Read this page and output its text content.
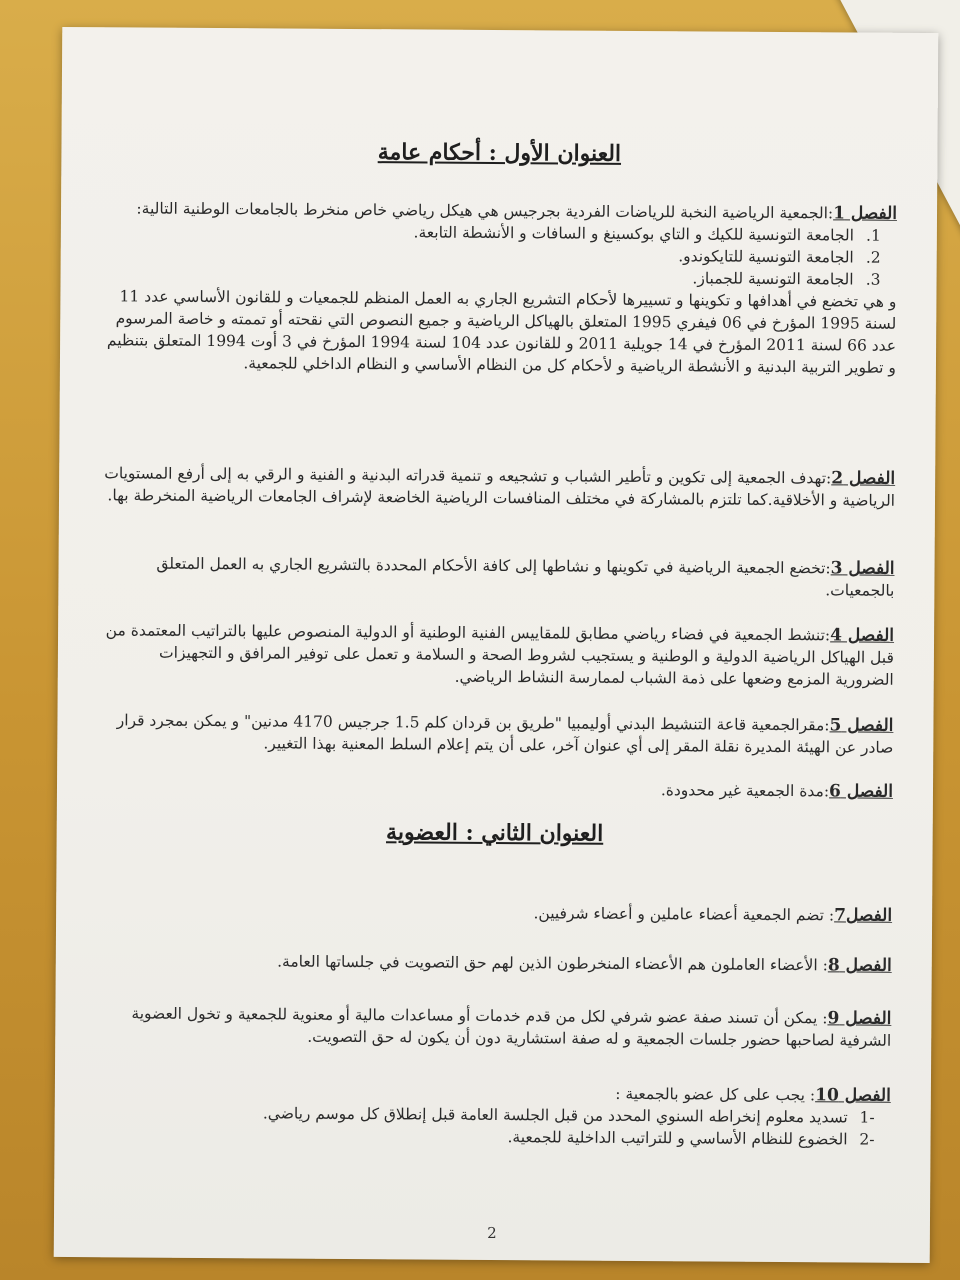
العنوان الأول : أحكام عامة
الفصل 1:الجمعية الرياضية النخبة للرياضات الفردية بجرجيس هي هيكل رياضي خاص منخرط بالجامعات الوطنية التالية:
1. الجامعة التونسية للكيك و التاي بوكسينغ و السافات و الأنشطة التابعة.
2. الجامعة التونسية للتايكوندو.
3. الجامعة التونسية للجمباز.
و هي تخضع في أهدافها و تكوينها و تسييرها لأحكام التشريع الجاري به العمل المنظم للجمعيات و للقانون الأساسي عدد 11 لسنة 1995 المؤرخ في 06 فيفري 1995 المتعلق بالهياكل الرياضية و جميع النصوص التي نقحته أو تممته و خاصة المرسوم عدد 66 لسنة 2011 المؤرخ في 14 جويلية 2011 و للقانون عدد 104 لسنة 1994 المؤرخ في 3 أوت 1994 المتعلق بتنظيم و تطوير التربية البدنية و الأنشطة الرياضية و لأحكام كل من النظام الأساسي و النظام الداخلي للجمعية.
الفصل 2:تهدف الجمعية إلى تكوين و تأطير الشباب و تشجيعه و تنمية قدراته البدنية و الفنية و الرقي به إلى أرفع المستويات الرياضية و الأخلاقية.كما تلتزم بالمشاركة في مختلف المنافسات الرياضية الخاضعة لإشراف الجامعات الرياضية المنخرطة بها.
الفصل 3:تخضع الجمعية الرياضية في تكوينها و نشاطها إلى كافة الأحكام المحددة بالتشريع الجاري به العمل المتعلق بالجمعيات.
الفصل 4:تنشط الجمعية في فضاء رياضي مطابق للمقاييس الفنية الوطنية أو الدولية المنصوص عليها بالتراتيب المعتمدة من قبل الهياكل الرياضية الدولية و الوطنية و يستجيب لشروط الصحة و السلامة و تعمل على توفير المرافق و التجهيزات الضرورية المزمع وضعها على ذمة الشباب لممارسة النشاط الرياضي.
الفصل 5:مقرالجمعية قاعة التنشيط البدني أوليمبيا "طريق بن قردان كلم 1.5 جرجيس 4170 مدنين" و يمكن بمجرد قرار صادر عن الهيئة المديرة نقلة المقر إلى أي عنوان آخر، على أن يتم إعلام السلط المعنية بهذا التغيير.
الفصل 6:مدة الجمعية غير محدودة.
العنوان الثاني : العضوية
الفصل7: تضم الجمعية أعضاء عاملين و أعضاء شرفيين.
الفصل 8: الأعضاء العاملون هم الأعضاء المنخرطون الذين لهم حق التصويت في جلساتها العامة.
الفصل 9: يمكن أن تسند صفة عضو شرفي لكل من قدم خدمات أو مساعدات مالية أو معنوية للجمعية و تخول العضوية الشرفية لصاحبها حضور جلسات الجمعية و له صفة استشارية دون أن يكون له حق التصويت.
الفصل 10: يجب على كل عضو بالجمعية :
-1 تسديد معلوم إنخراطه السنوي المحدد من قبل الجلسة العامة قبل إنطلاق كل موسم رياضي.
-2 الخضوع للنظام الأساسي و للتراتيب الداخلية للجمعية.
2
